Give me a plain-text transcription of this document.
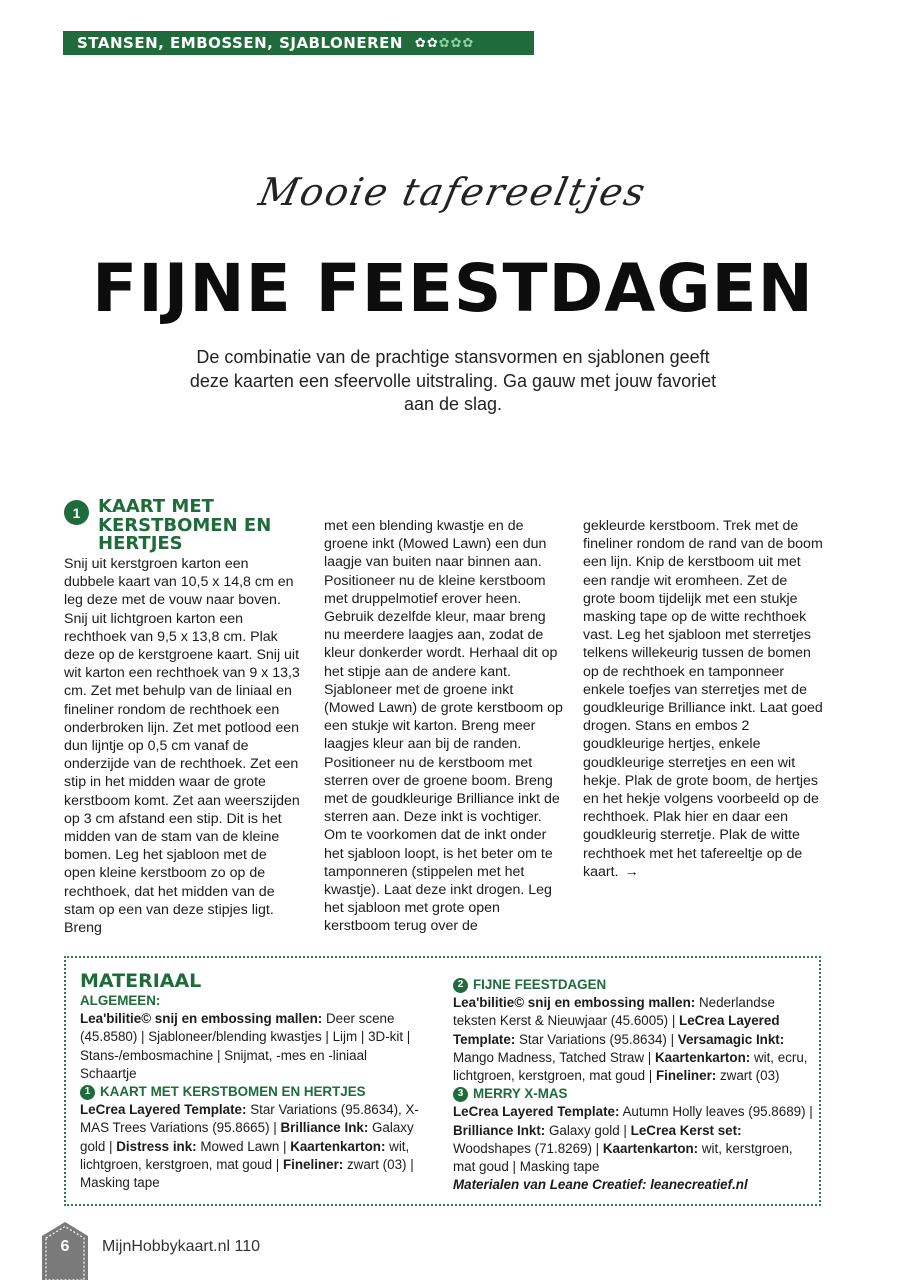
STANSEN, EMBOSSEN, SJABLONEREN ✿✿✿✿✿
Mooie tafereeltjes
FIJNE FEESTDAGEN
De combinatie van de prachtige stansvormen en sjablonen geeft deze kaarten een sfeervolle uitstraling. Ga gauw met jouw favoriet aan de slag.
1 KAART MET KERSTBOMEN EN HERTJES
Snij uit kerstgroen karton een dubbele kaart van 10,5 x 14,8 cm en leg deze met de vouw naar boven. Snij uit lichtgroen karton een rechthoek van 9,5 x 13,8 cm. Plak deze op de kerstgroene kaart. Snij uit wit karton een rechthoek van 9 x 13,3 cm. Zet met behulp van de liniaal en fineliner rondom de rechthoek een onderbroken lijn. Zet met potlood een dun lijntje op 0,5 cm vanaf de onderzijde van de rechthoek. Zet een stip in het midden waar de grote kerstboom komt. Zet aan weerszijden op 3 cm afstand een stip. Dit is het midden van de stam van de kleine bomen. Leg het sjabloon met de open kleine kerstboom zo op de rechthoek, dat het midden van de stam op een van deze stipjes ligt. Breng
met een blending kwastje en de groene inkt (Mowed Lawn) een dun laagje van buiten naar binnen aan. Positioneer nu de kleine kerstboom met druppelmotief erover heen. Gebruik dezelfde kleur, maar breng nu meerdere laagjes aan, zodat de kleur donkerder wordt. Herhaal dit op het stipje aan de andere kant. Sjabloneer met de groene inkt (Mowed Lawn) de grote kerstboom op een stukje wit karton. Breng meer laagjes kleur aan bij de randen. Positioneer nu de kerstboom met sterren over de groene boom. Breng met de goudkleurige Brilliance inkt de sterren aan. Deze inkt is vochtiger. Om te voorkomen dat de inkt onder het sjabloon loopt, is het beter om te tamponneren (stippelen met het kwastje). Laat deze inkt drogen. Leg het sjabloon met grote open kerstboom terug over de
gekleurde kerstboom. Trek met de fineliner rondom de rand van de boom een lijn. Knip de kerstboom uit met een randje wit eromheen. Zet de grote boom tijdelijk met een stukje masking tape op de witte rechthoek vast. Leg het sjabloon met sterretjes telkens willekeurig tussen de bomen op de rechthoek en tamponneer enkele toefjes van sterretjes met de goudkleurige Brilliance inkt. Laat goed drogen. Stans en embos 2 goudkleurige hertjes, enkele goudkleurige sterretjes en een wit hekje. Plak de grote boom, de hertjes en het hekje volgens voorbeeld op de rechthoek. Plak hier en daar een goudkleurig sterretje. Plak de witte rechthoek met het tafereeltje op de kaart. →
MATERIAAL
ALGEMEEN:
Lea'bilitie© snij en embossing mallen: Deer scene (45.8580) | Sjabloneer/blending kwastjes | Lijm | 3D-kit | Stans-/embosmachine | Snijmat, -mes en -liniaal Schaartje
1 KAART MET KERSTBOMEN EN HERTJES
LeCrea Layered Template: Star Variations (95.8634), X-MAS Trees Variations (95.8665) | Brilliance Ink: Galaxy gold | Distress ink: Mowed Lawn | Kaartenkarton: wit, lichtgroen, kerstgroen, mat goud | Fineliner: zwart (03) | Masking tape
2 FIJNE FEESTDAGEN
Lea'bilitie© snij en embossing mallen: Nederlandse teksten Kerst & Nieuwjaar (45.6005) | LeCrea Layered Template: Star Variations (95.8634) | Versamagic Inkt: Mango Madness, Tatched Straw | Kaartenkarton: wit, ecru, lichtgroen, kerstgroen, mat goud | Fineliner: zwart (03)
3 MERRY X-MAS
LeCrea Layered Template: Autumn Holly leaves (95.8689) | Brilliance Inkt: Galaxy gold | LeCrea Kerst set: Woodshapes (71.8269) | Kaartenkarton: wit, kerstgroen, mat goud | Masking tape
Materialen van Leane Creatief: leanecreatief.nl
6	MijnHobbykaart.nl 110
